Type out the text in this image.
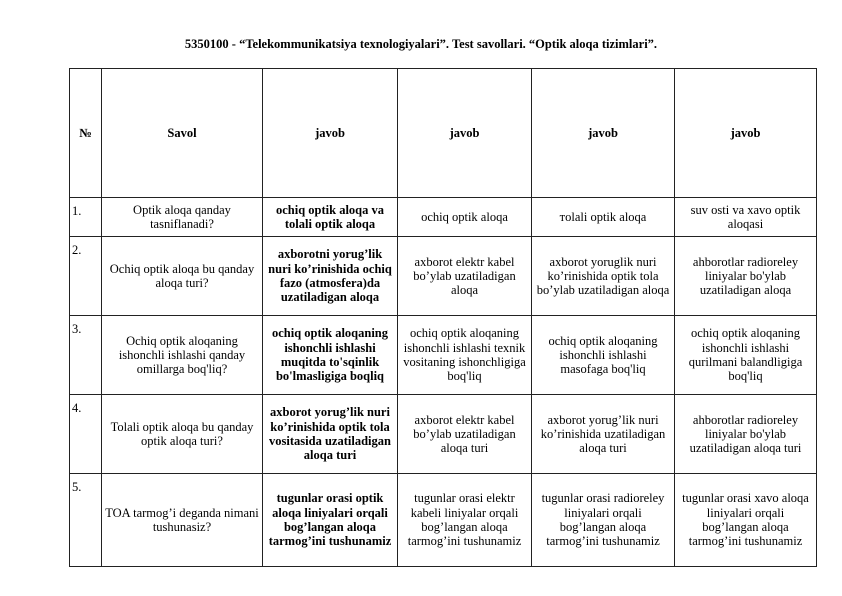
5350100 - “Telekommunikatsiya texnologiyalari”. Test savollari. “Optik aloqa tizimlari”.
№	Savol	javob	javob	javob	javob
1.	Optik aloqa qanday tasniflanadi?	ochiq optik aloqa va tolali optik aloqa	ochiq optik aloqa	тolali optik aloqa	suv osti va xavo optik aloqasi
2.	Ochiq optik aloqa bu qanday aloqa turi?	axborotni yorug’lik nuri ko’rinishida ochiq fazo (atmosfera)da uzatiladigan aloqa	axborot elektr kabel bo’ylab uzatiladigan aloqa	axborot yoruglik nuri ko’rinishida optik tola bo’ylab uzatiladigan aloqa	ahborotlar radioreley liniyalar bo'ylab uzatiladigan aloqa
3.	Ochiq optik aloqaning ishonchli ishlashi qanday omillarga boq'liq?	ochiq optik aloqaning ishonchli ishlashi muqitda to'sqinlik bo'lmasligiga boqliq	ochiq optik aloqaning ishonchli ishlashi texnik vositaning ishonchligiga boq'liq	ochiq optik aloqaning ishonchli ishlashi masofaga boq'liq	ochiq optik aloqaning ishonchli ishlashi qurilmani balandligiga boq'liq
4.	Tolali optik aloqa bu qanday optik aloqa turi?	axborot yorug’lik nuri ko’rinishida optik tola vositasida uzatiladigan aloqa turi	axborot elektr kabel bo’ylab uzatiladigan aloqa turi	axborot yorug’lik nuri ko’rinishida uzatiladigan aloqa turi	ahborotlar radioreley liniyalar bo'ylab uzatiladigan aloqa turi
5.	TOA tarmog’i deganda nimani tushunasiz?	tugunlar orasi optik aloqa liniyalari orqali bog’langan aloqa tarmog’ini tushunamiz	tugunlar orasi elektr kabeli liniyalar orqali bog’langan aloqa tarmog’ini tushunamiz	tugunlar orasi radioreley liniyalari orqali bog’langan aloqa tarmog’ini tushunamiz	tugunlar orasi xavo aloqa liniyalari orqali bog’langan aloqa tarmog’ini tushunamiz
